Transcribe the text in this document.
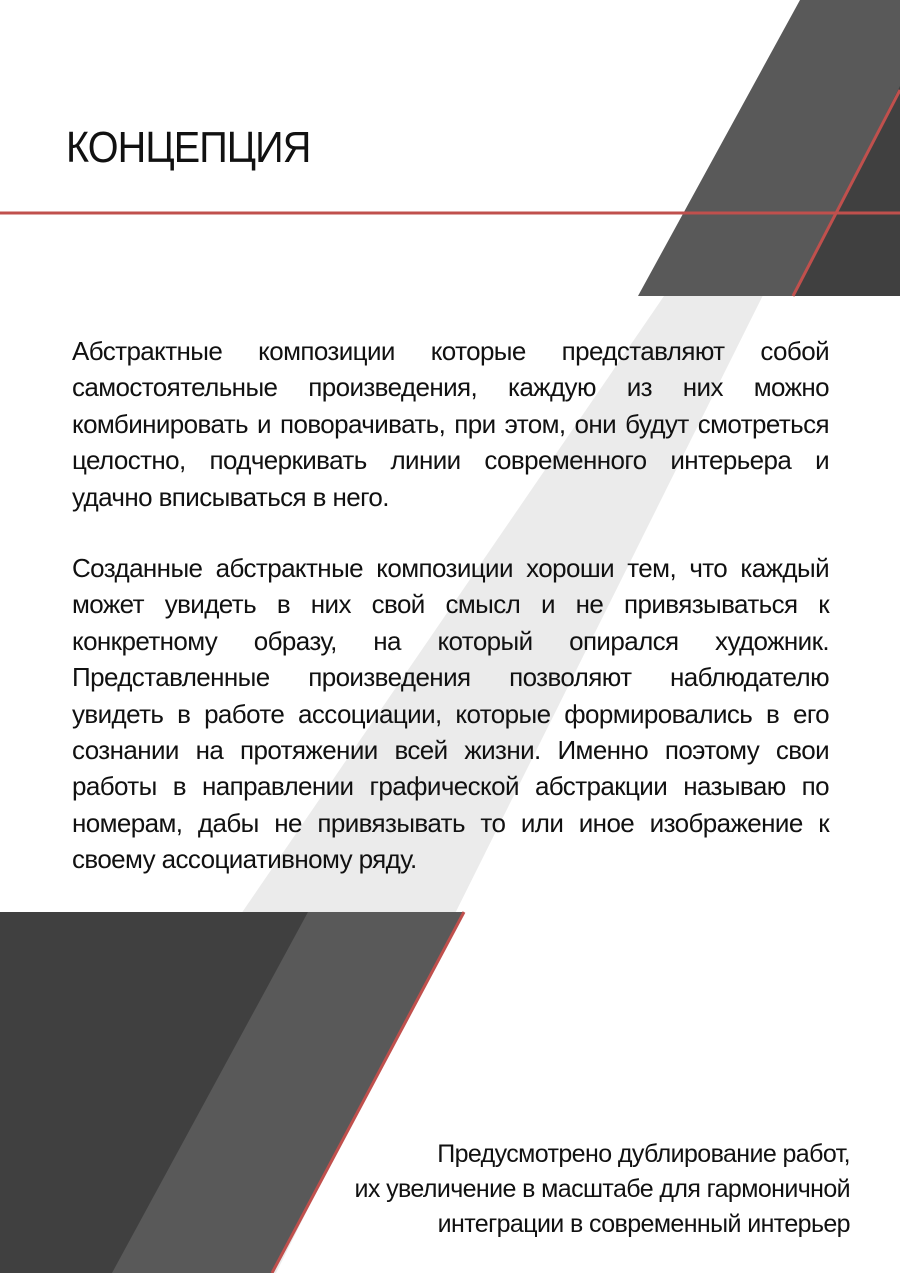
КОНЦЕПЦИЯ

Абстрактные композиции которые представляют собой самостоятельные произведения, каждую из них можно комбинировать и поворачивать, при этом, они будут смотреться целостно, подчеркивать линии современного интерьера и удачно вписываться в него.

Созданные абстрактные композиции хороши тем, что каждый может увидеть в них свой смысл и не привязываться к конкретному образу, на который опирался художник. Представленные произведения позволяют наблюдателю увидеть в работе ассоциации, которые формировались в его сознании на протяжении всей жизни. Именно поэтому свои работы в направлении графической абстракции называю по номерам, дабы не привязывать то или иное изображение к своему ассоциативному ряду.

Предусмотрено дублирование работ,
их увеличение в масштабе для гармоничной
интеграции в современный интерьер
